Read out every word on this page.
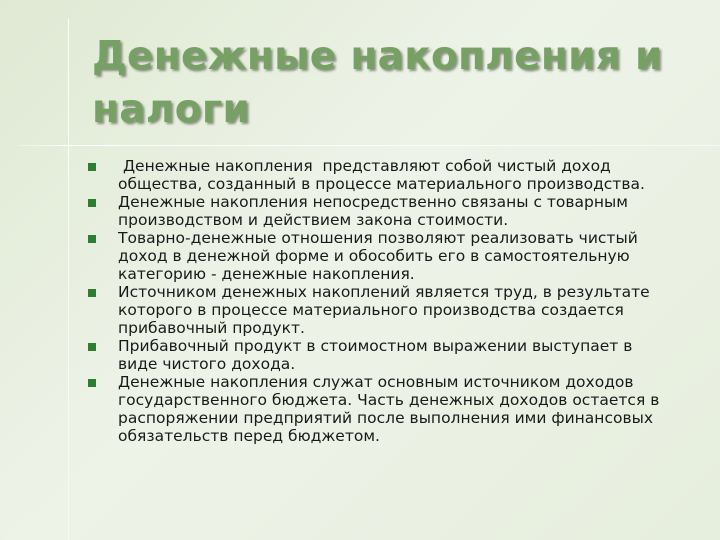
Денежные накопления и налоги
Денежные накопления  представляют собой чистый доход общества, созданный в процессе материального производства.
Денежные накопления непосредственно связаны с товарным производством и действием закона стоимости.
Товарно-денежные отношения позволяют реализовать чистый доход в денежной форме и обособить его в самостоятельную категорию - денежные накопления.
Источником денежных накоплений является труд, в результате которого в процессе материального производства создается прибавочный продукт.
Прибавочный продукт в стоимостном выражении выступает в виде чистого дохода.
Денежные накопления служат основным источником доходов государственного бюджета. Часть денежных доходов остается в распоряжении предприятий после выполнения ими финансовых обязательств перед бюджетом.
